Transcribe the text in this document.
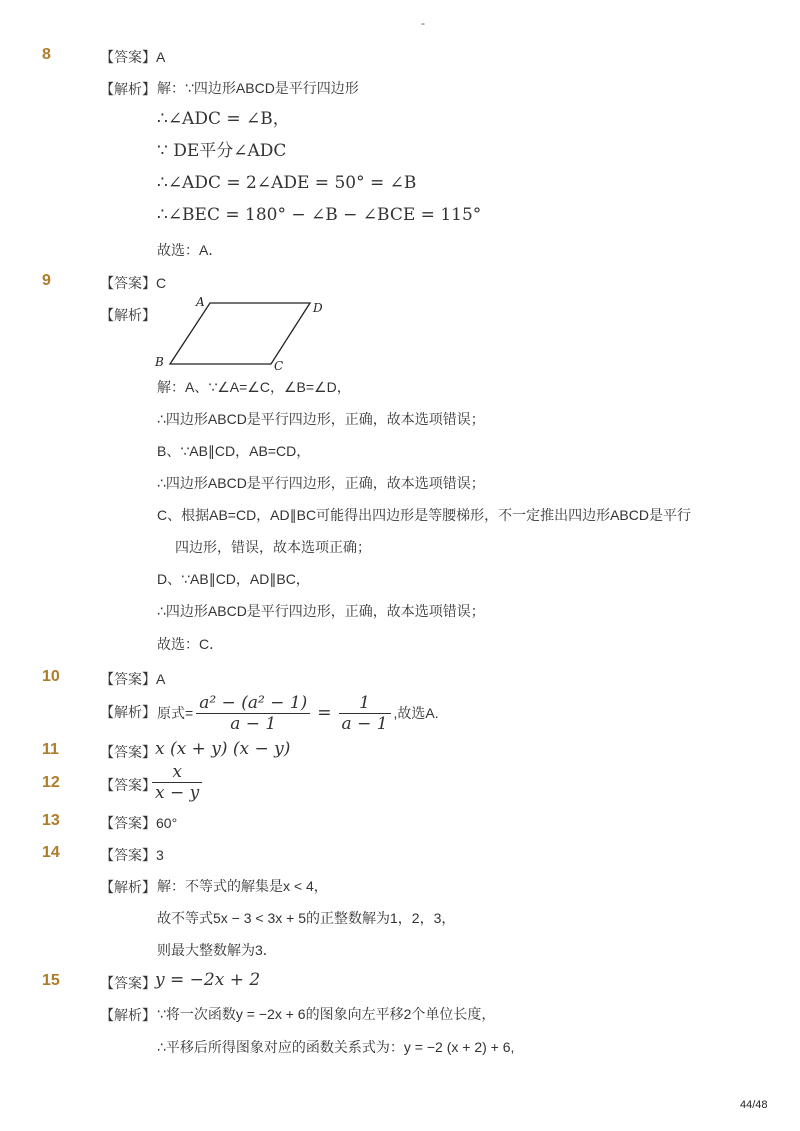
-
8	【答案】A
【解析】 解：∵四边形ABCD是平行四边形
∴∠ADC = ∠B，
∵ DE平分∠ADC
∴∠ADC = 2∠ADE = 50° = ∠B
∴∠BEC = 180° − ∠B − ∠BCE = 115°
故选：A．
9	【答案】C
【解析】
A	D
B	C
解：A、∵∠A=∠C，∠B=∠D，
∴四边形ABCD是平行四边形，正确，故本选项错误；
B、∵AB∥CD，AB=CD，
∴四边形ABCD是平行四边形，正确，故本选项错误；
C、根据AB=CD，AD∥BC可能得出四边形是等腰梯形，不一定推出四边形ABCD是平行
四边形，错误，故本选项正确；
D、∵AB∥CD，AD∥BC，
∴四边形ABCD是平行四边形，正确，故本选项错误；
故选：C．
10	【答案】A
【解析】 原式= $\frac{\text{a² − (a² − 1)}}{a - 1} = \frac{1}{a - 1}$ ,故选A.
11	【答案】 x (x + y) (x − y)
12	【答案】
$\frac{x}{x - y}$
13	【答案】60°
14	【答案】3
【解析】 解：不等式的解集是x < 4，
故不等式5x − 3 < 3x + 5的正整数解为1，2，3，
则最大整数解为3．
15	【答案】 y = −2x + 2
【解析】 ∵将一次函数y = −2x + 6的图象向左平移2个单位长度，
∴平移后所得图象对应的函数关系式为：y = −2 (x + 2) + 6,
44/48
